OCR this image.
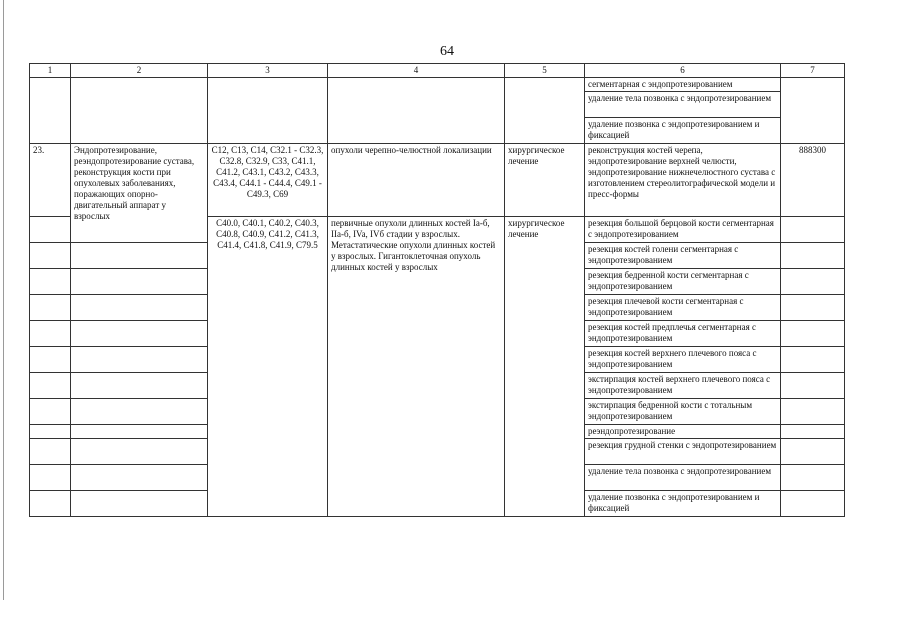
64
1	2	3	4	5	6	7
					сегментарная с эндопротезированием	
					удаление тела позвонка с эндопротезированием	
					удаление позвонка с эндопротезированием и фиксацией	
23.	Эндопротезирование, реэндопротезирование сустава, реконструкция кости при опухолевых заболеваниях, поражающих опорно-двигательный аппарат у взрослых	C12, C13, C14, C32.1 - C32.3, C32.8, C32.9, C33, C41.1, C41.2, C43.1, C43.2, C43.3, C43.4, C44.1 - C44.4, C49.1 - C49.3, C69	опухоли черепно-челюстной локализации	хирургическое лечение	реконструкция костей черепа, эндопротезирование верхней челюсти, эндопротезирование нижнечелюстного сустава с изготовлением стереолитографической модели и пресс-формы	888300
		C40.0, C40.1, C40.2, C40.3, C40.8, C40.9, C41.2, C41.3, C41.4, C41.8, C41.9, C79.5	первичные опухоли длинных костей Ia-б, IIa-б, IVa, IVб стадии у взрослых. Метастатические опухоли длинных костей у взрослых. Гигантоклеточная опухоль длинных костей у взрослых	хирургическое лечение	резекция большой берцовой кости сегментарная с эндопротезированием	
					резекция костей голени сегментарная с эндопротезированием	
					резекция бедренной кости сегментарная с эндопротезированием	
					резекция плечевой кости сегментарная с эндопротезированием	
					резекция костей предплечья сегментарная с эндопротезированием	
					резекция костей верхнего плечевого пояса с эндопротезированием	
					экстирпация костей верхнего плечевого пояса с эндопротезированием	
					экстирпация бедренной кости с тотальным эндопротезированием	
					реэндопротезирование	
					резекция грудной стенки с эндопротезированием	
					удаление тела позвонка с эндопротезированием	
					удаление позвонка с эндопротезированием и фиксацией	
